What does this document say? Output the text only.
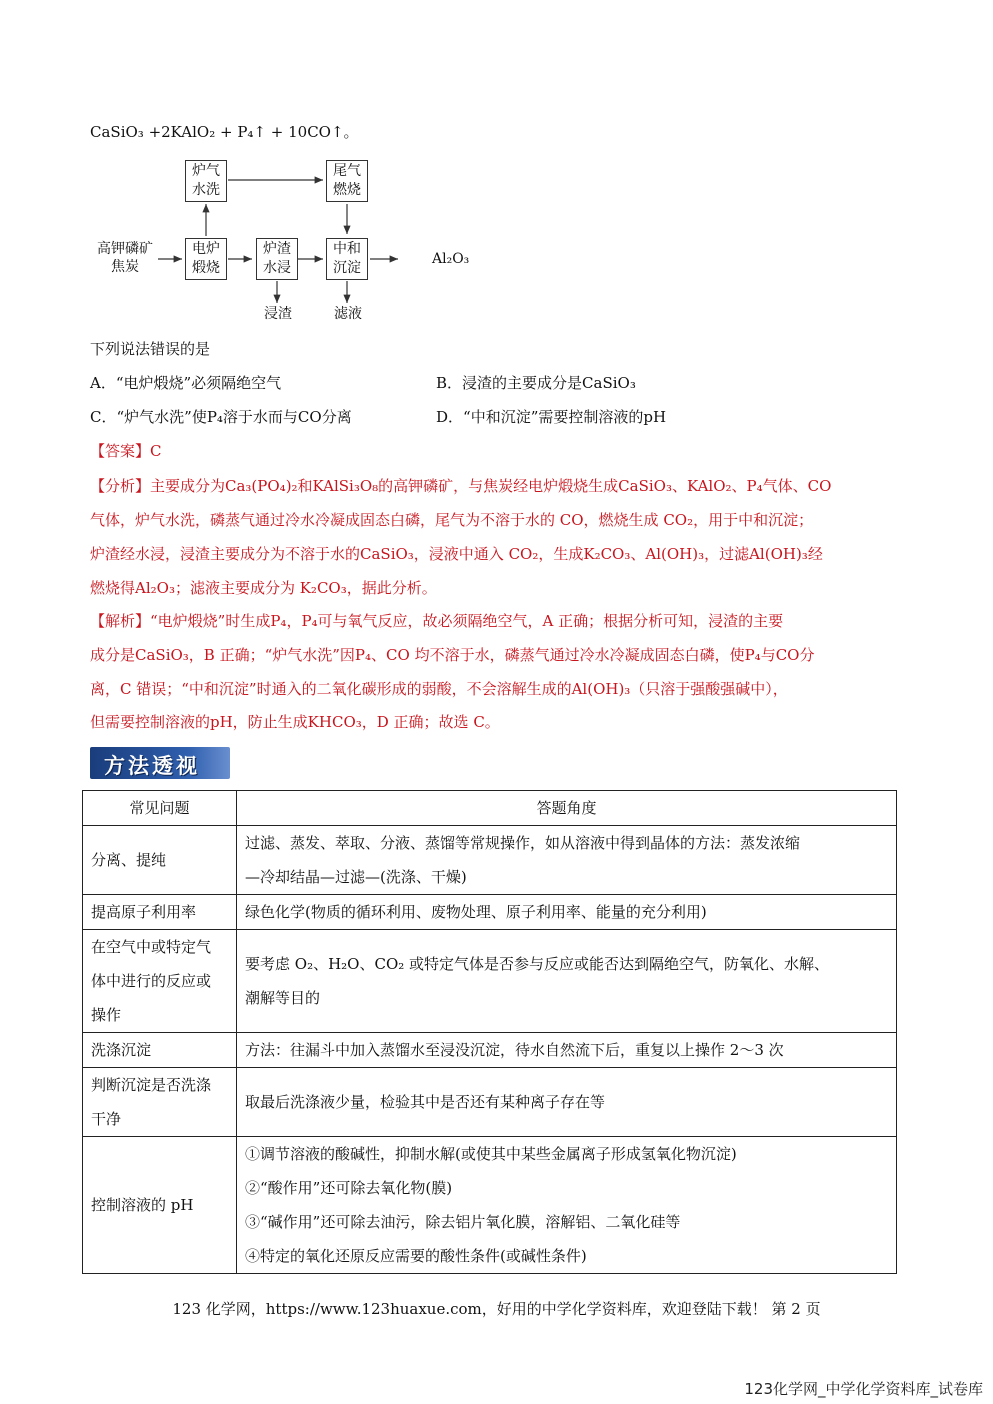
CaSiO₃ +2KAlO₂ + P₄↑ + 10CO↑。
高钾磷矿
焦炭
电炉
煅烧
炉气
水洗
尾气
燃烧
炉渣
水浸
中和
沉淀
Al₂O₃
浸渣	滤液
下列说法错误的是
A．“电炉煅烧”必须隔绝空气	B．浸渣的主要成分是CaSiO₃
C．“炉气水洗”使P₄溶于水而与CO分离	D．“中和沉淀”需要控制溶液的pH
【答案】C
【分析】主要成分为Ca₃(PO₄)₂和KAlSi₃O₈的高钾磷矿，与焦炭经电炉煅烧生成CaSiO₃、KAlO₂、P₄气体、CO
气体，炉气水洗，磷蒸气通过冷水冷凝成固态白磷，尾气为不溶于水的 CO，燃烧生成 CO₂，用于中和沉淀；
炉渣经水浸，浸渣主要成分为不溶于水的CaSiO₃，浸液中通入 CO₂，生成K₂CO₃、Al(OH)₃，过滤Al(OH)₃经
燃烧得Al₂O₃；滤液主要成分为 K₂CO₃，据此分析。
【解析】“电炉煅烧”时生成P₄，P₄可与氧气反应，故必须隔绝空气，A 正确；根据分析可知，浸渣的主要
成分是CaSiO₃，B 正确；“炉气水洗”因P₄、CO 均不溶于水，磷蒸气通过冷水冷凝成固态白磷，使P₄与CO分
离，C 错误；“中和沉淀”时通入的二氧化碳形成的弱酸，不会溶解生成的Al(OH)₃（只溶于强酸强碱中），
但需要控制溶液的pH，防止生成KHCO₃，D 正确；故选 C。
方法透视
常见问题	答题角度
分离、提纯	过滤、蒸发、萃取、分液、蒸馏等常规操作，如从溶液中得到晶体的方法：蒸发浓缩
—冷却结晶—过滤—(洗涤、干燥)

提高原子利用率	绿色化学(物质的循环利用、废物处理、原子利用率、能量的充分利用)

在空气中或特定气体中进行的反应或操作	要考虑 O₂、H₂O、CO₂ 或特定气体是否参与反应或能否达到隔绝空气，防氧化、水解、
潮解等目的

洗涤沉淀	方法：往漏斗中加入蒸馏水至浸没沉淀，待水自然流下后，重复以上操作 2～3 次

判断沉淀是否洗涤干净	取最后洗涤液少量，检验其中是否还有某种离子存在等

控制溶液的 pH	①调节溶液的酸碱性，抑制水解(或使其中某些金属离子形成氢氧化物沉淀)
②“酸作用”还可除去氧化物(膜)
③“碱作用”还可除去油污，除去铝片氧化膜，溶解铝、二氧化硅等
④特定的氧化还原反应需要的酸性条件(或碱性条件)
123 化学网，https://www.123huaxue.com，好用的中学化学资料库，欢迎登陆下载！ 第 2 页
123化学网_中学化学资料库_试卷库
